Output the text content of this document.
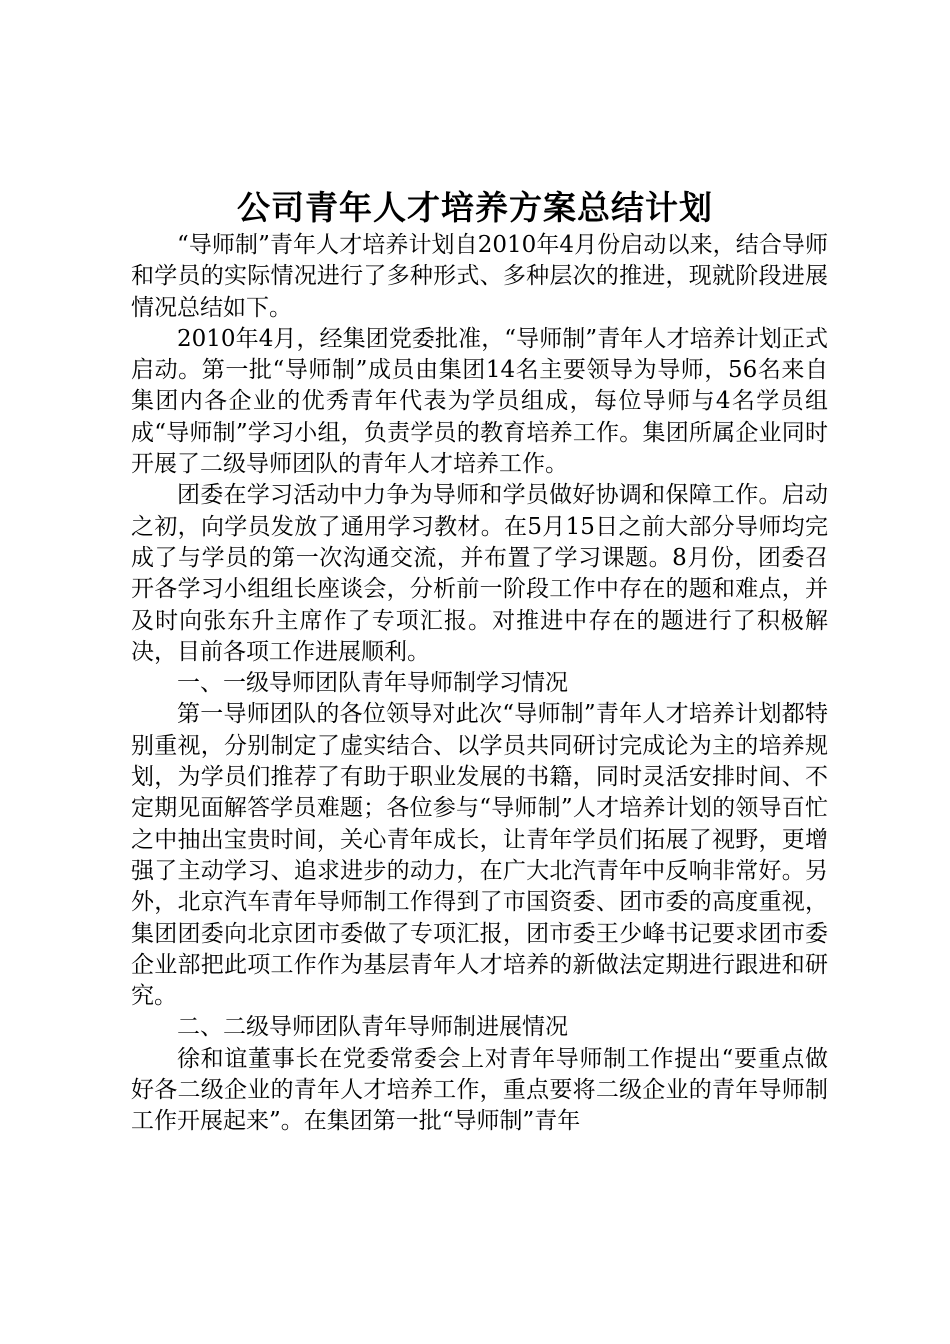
公司青年人才培养方案总结计划

“导师制”青年人才培养计划自2010年4月份启动以来，结合导师和学员的实际情况进行了多种形式、多种层次的推进，现就阶段进展情况总结如下。

2010年4月，经集团党委批准，“导师制”青年人才培养计划正式启动。第一批“导师制”成员由集团14名主要领导为导师，56名来自集团内各企业的优秀青年代表为学员组成，每位导师与4名学员组成“导师制”学习小组，负责学员的教育培养工作。集团所属企业同时开展了二级导师团队的青年人才培养工作。

团委在学习活动中力争为导师和学员做好协调和保障工作。启动之初，向学员发放了通用学习教材。在5月15日之前大部分导师均完成了与学员的第一次沟通交流，并布置了学习课题。8月份，团委召开各学习小组组长座谈会，分析前一阶段工作中存在的题和难点，并及时向张东升主席作了专项汇报。对推进中存在的题进行了积极解决，目前各项工作进展顺利。

一、一级导师团队青年导师制学习情况

第一导师团队的各位领导对此次“导师制”青年人才培养计划都特别重视，分别制定了虚实结合、以学员共同研讨完成论为主的培养规划，为学员们推荐了有助于职业发展的书籍，同时灵活安排时间、不定期见面解答学员难题；各位参与“导师制”人才培养计划的领导百忙之中抽出宝贵时间，关心青年成长，让青年学员们拓展了视野，更增强了主动学习、追求进步的动力，在广大北汽青年中反响非常好。另外，北京汽车青年导师制工作得到了市国资委、团市委的高度重视，集团团委向北京团市委做了专项汇报，团市委王少峰书记要求团市委企业部把此项工作作为基层青年人才培养的新做法定期进行跟进和研究。

二、二级导师团队青年导师制进展情况

徐和谊董事长在党委常委会上对青年导师制工作提出“要重点做好各二级企业的青年人才培养工作，重点要将二级企业的青年导师制工作开展起来”。在集团第一批“导师制”青年
